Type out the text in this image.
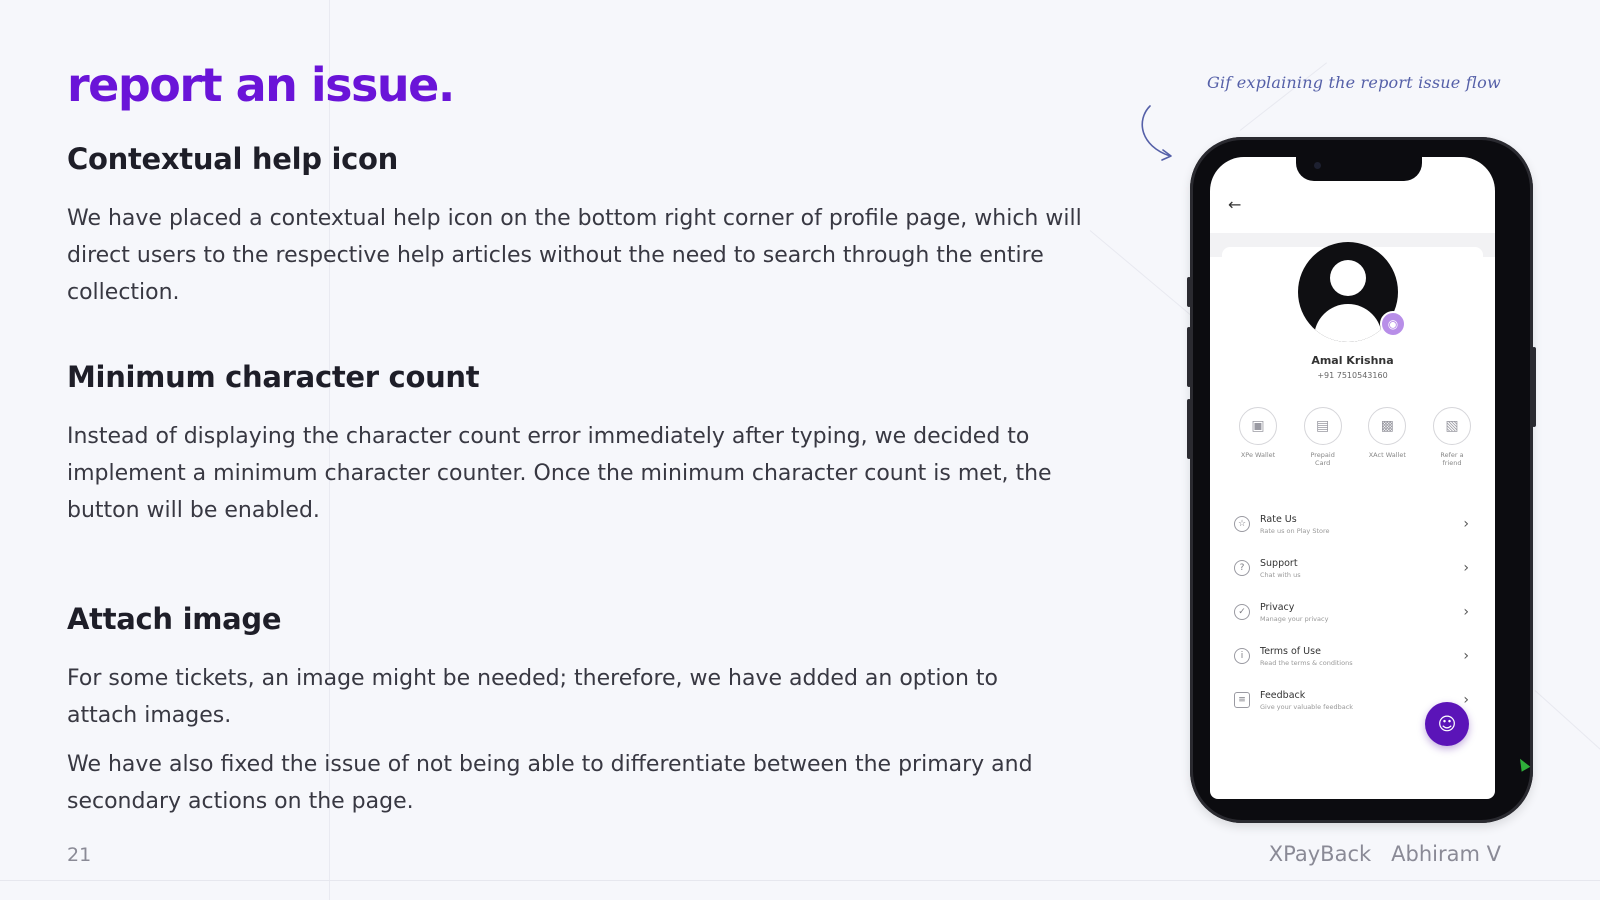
report an issue.
Contextual help icon

We have placed a contextual help icon on the bottom right corner of profile page, which will direct users to the respective help articles without the need to search through the entire collection.

Minimum character count

Instead of displaying the character count error immediately after typing, we decided to implement a minimum character counter. Once the minimum character count is met, the button will be enabled.

Attach image

For some tickets, an image might be needed; therefore, we have added an option to attach images.

We have also fixed the issue of not being able to differentiate between the primary and secondary actions on the page.

21	XPayBack Abhiram V
Gif explaining the report issue flow
←
◉
Amal Krishna
+91 7510543160
▣
XPe Wallet
▤
Prepaid Card
▩
XAct Wallet
▧
Refer a friend
☆	Rate Us
Rate us on Play Store	›
?	Support
Chat with us	›
✓	Privacy
Manage your privacy	›
i	Terms of Use
Read the terms & conditions	›
≡	Feedback
Give your valuable feedback	›
☺
